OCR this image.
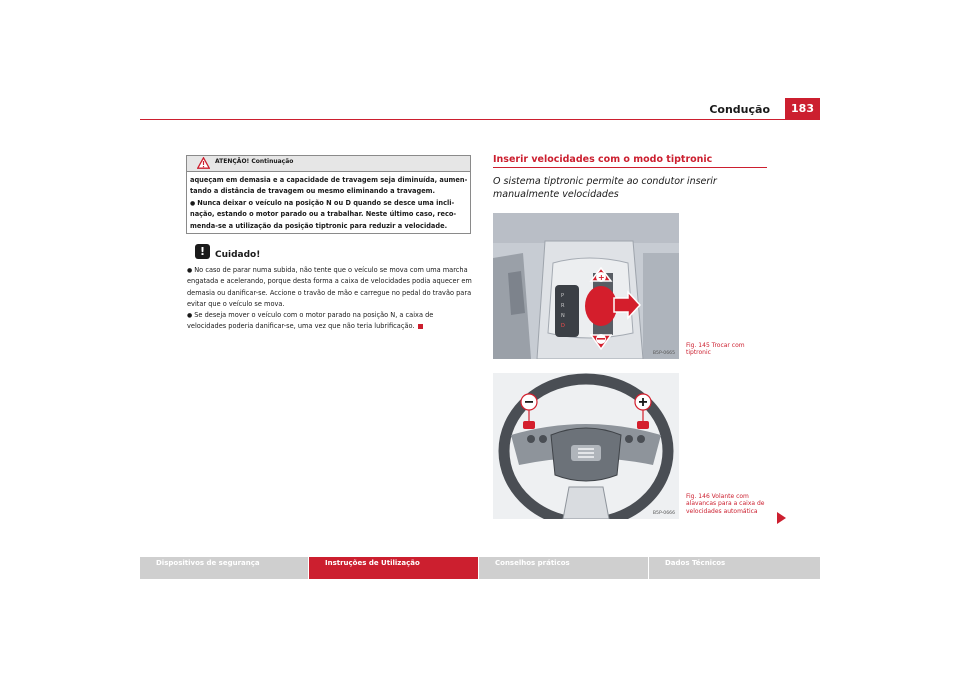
Condução	183
ATENÇÃO! Continuação
aqueçam em demasia e a capacidade de travagem seja diminuída, aumen-tando a distância de travagem ou mesmo eliminando a travagem.
● Nunca deixar o veículo na posição N ou D quando se desce uma incli-nação, estando o motor parado ou a trabalhar. Neste último caso, reco-menda-se a utilização da posição tiptronic para reduzir a velocidade.
!	Cuidado!
● No caso de parar numa subida, não tente que o veículo se mova com uma marcha engatada e acelerando, porque desta forma a caixa de velocidades podia aquecer em demasia ou danificar-se. Accione o travão de mão e carregue no pedal do travão para evitar que o veículo se mova.
● Se deseja mover o veículo com o motor parado na posição N, a caixa de velocidades poderia danificar-se, uma vez que não teria lubrificação.
Inserir velocidades com o modo tiptronic
O sistema tiptronic permite ao condutor inserir manualmente velocidades
P
R
N
D
+
B5P-0665
Fig. 145 Trocar com tiptronic
B5P-0666
Fig. 146 Volante com alavancas para a caixa de velocidades automática
Dispositivos de segurança	Instruções de Utilização	Conselhos práticos	Dados Técnicos
